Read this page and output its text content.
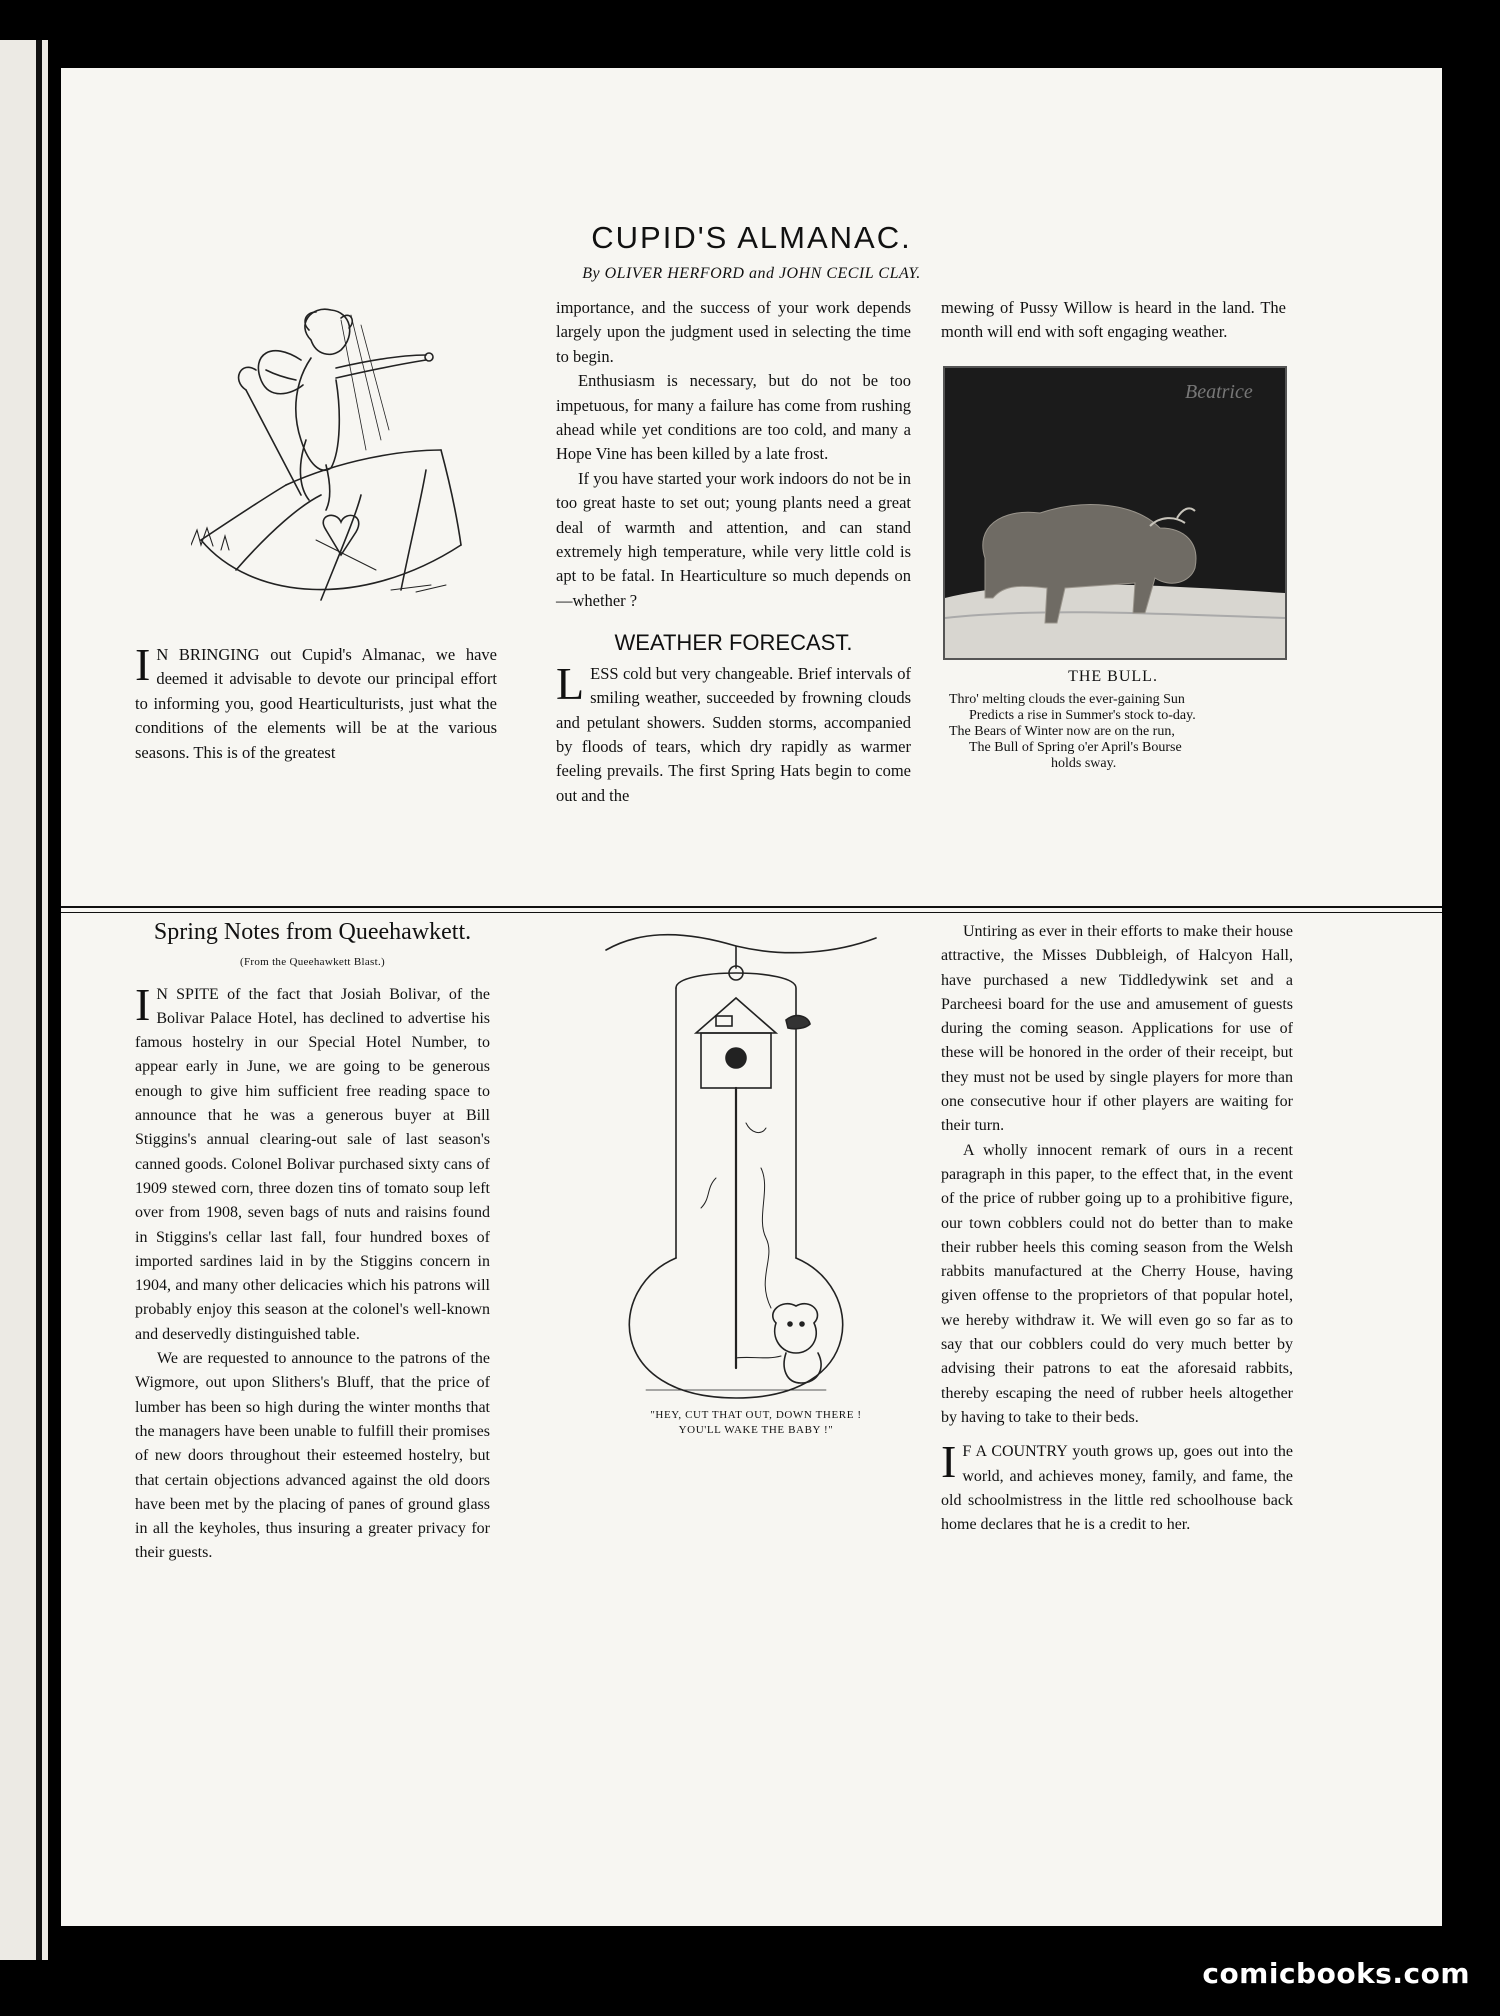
CUPID'S ALMANAC.
By OLIVER HERFORD and JOHN CECIL CLAY.

I N BRINGING out Cupid's Almanac, we have deemed it advisable to devote our principal effort to informing you, good Hearticulturists, just what the conditions of the elements will be at the various seasons. This is of the greatest

importance, and the success of your work depends largely upon the judgment used in selecting the time to begin.

Enthusiasm is necessary, but do not be too impetuous, for many a failure has come from rushing ahead while yet conditions are too cold, and many a Hope Vine has been killed by a late frost.

If you have started your work indoors do not be in too great haste to set out; young plants need a great deal of warmth and attention, and can stand extremely high temperature, while very little cold is apt to be fatal. In Hearticulture so much depends on—whether ?

WEATHER FORECAST.

LESS cold but very changeable. Brief intervals of smiling weather, succeeded by frowning clouds and petulant showers. Sudden storms, accompanied by floods of tears, which dry rapidly as warmer feeling prevails. The first Spring Hats begin to come out and the

mewing of Pussy Willow is heard in the land. The month will end with soft engaging weather.

Beatrice
THE BULL.
Thro' melting clouds the ever-gaining Sun
Predicts a rise in Summer's stock to-day.
The Bears of Winter now are on the run,
The Bull of Spring o'er April's Bourse
holds sway.
Spring Notes from Queehawkett.
(From the Queehawkett Blast.)

I N SPITE of the fact that Josiah Bolivar, of the Bolivar Palace Hotel, has declined to advertise his famous hostelry in our Special Hotel Number, to appear early in June, we are going to be generous enough to give him sufficient free reading space to announce that he was a generous buyer at Bill Stiggins's annual clearing-out sale of last season's canned goods. Colonel Bolivar purchased sixty cans of 1909 stewed corn, three dozen tins of tomato soup left over from 1908, seven bags of nuts and raisins found in Stiggins's cellar last fall, four hundred boxes of imported sardines laid in by the Stiggins concern in 1904, and many other delicacies which his patrons will probably enjoy this season at the colonel's well-known and deservedly distinguished table.

We are requested to announce to the patrons of the Wigmore, out upon Slithers's Bluff, that the price of lumber has been so high during the winter months that the managers have been unable to fulfill their promises of new doors throughout their esteemed hostelry, but that certain objections advanced against the old doors have been met by the placing of panes of ground glass in all the keyholes, thus insuring a greater privacy for their guests.

"HEY, CUT THAT OUT, DOWN THERE !
YOU'LL WAKE THE BABY !"

Untiring as ever in their efforts to make their house attractive, the Misses Dubbleigh, of Halcyon Hall, have purchased a new Tiddledywink set and a Parcheesi board for the use and amusement of guests during the coming season. Applications for use of these will be honored in the order of their receipt, but they must not be used by single players for more than one consecutive hour if other players are waiting for their turn.

A wholly innocent remark of ours in a recent paragraph in this paper, to the effect that, in the event of the price of rubber going up to a prohibitive figure, our town cobblers could not do better than to make their rubber heels this coming season from the Welsh rabbits manufactured at the Cherry House, having given offense to the proprietors of that popular hotel, we hereby withdraw it. We will even go so far as to say that our cobblers could do very much better by advising their patrons to eat the aforesaid rabbits, thereby escaping the need of rubber heels altogether by having to take to their beds.

I F A COUNTRY youth grows up, goes out into the world, and achieves money, family, and fame, the old schoolmistress in the little red schoolhouse back home declares that he is a credit to her.

comicbooks.com
